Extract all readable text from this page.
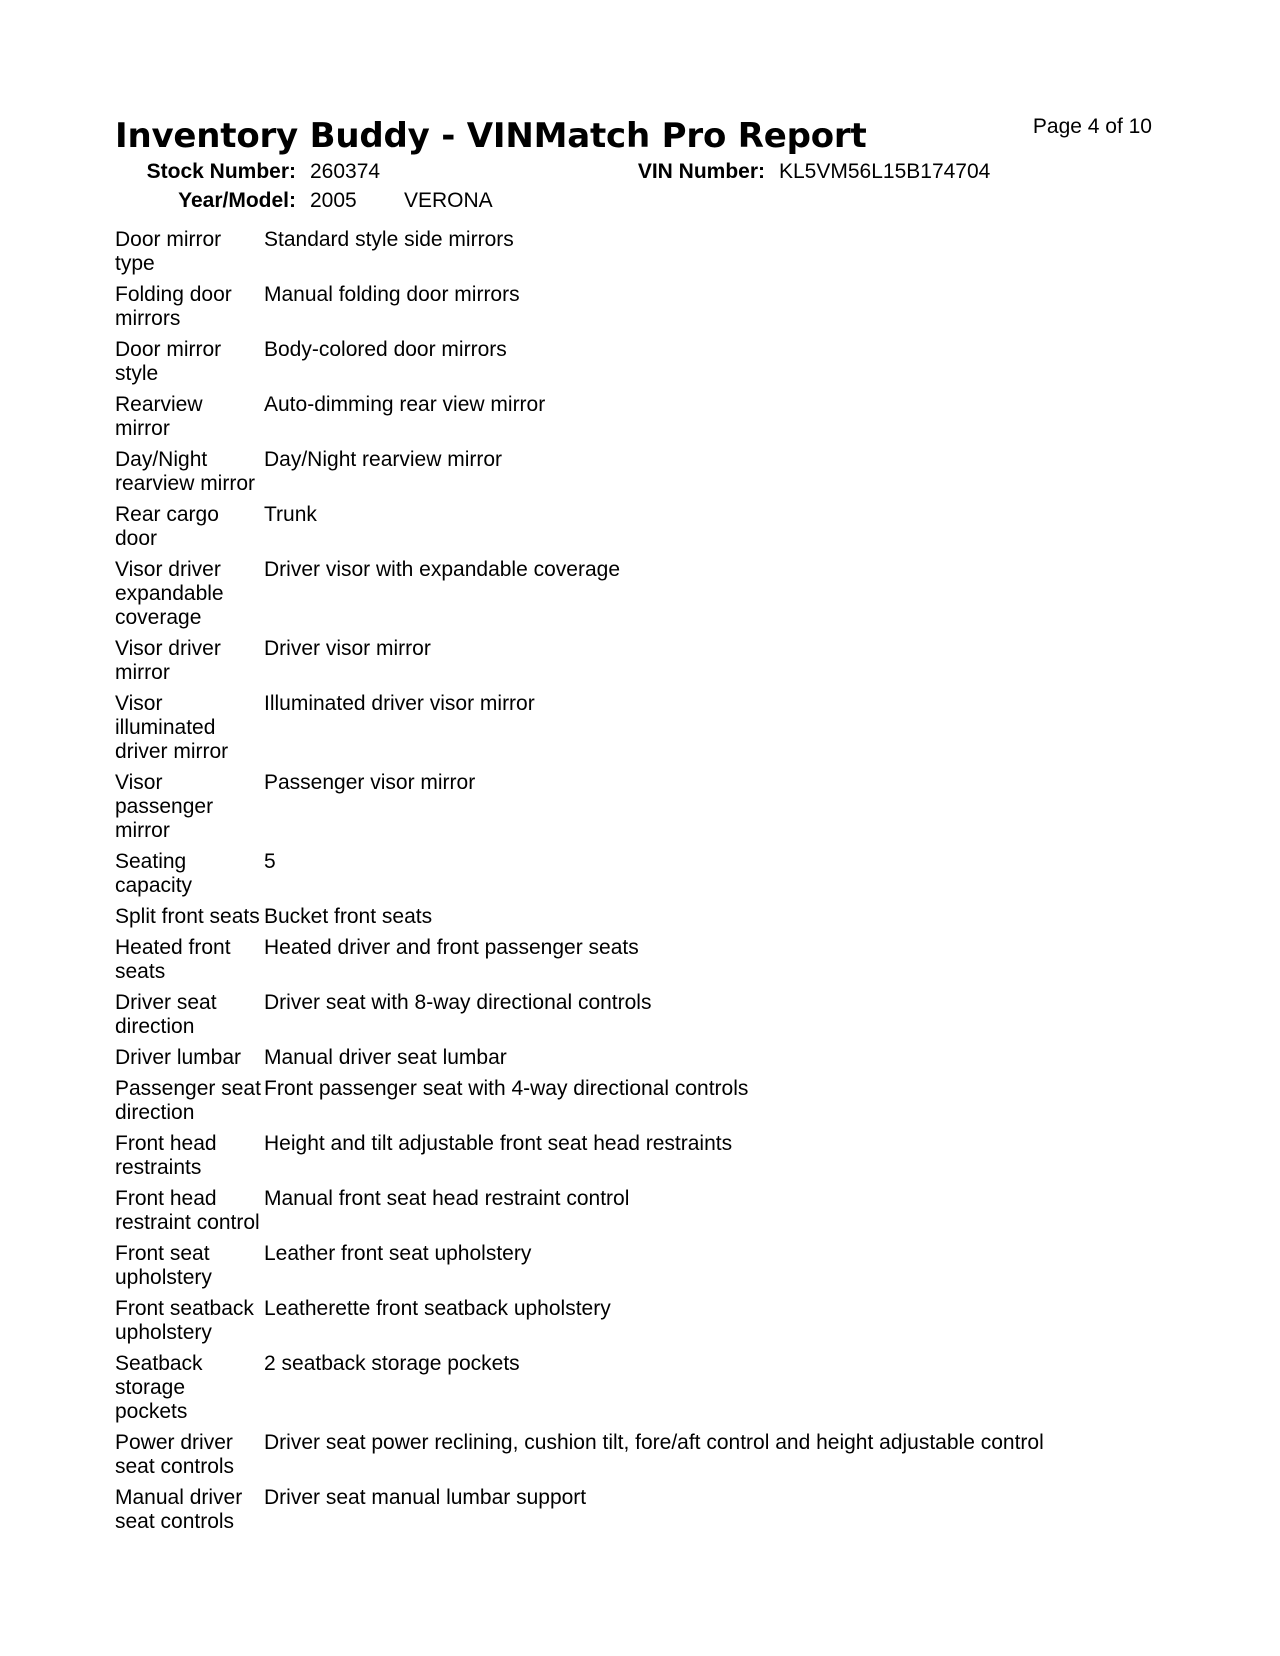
Inventory Buddy - VINMatch Pro Report	Page 4 of 10
Stock Number: 260374
Year/Model: 2005 VERONA
VIN Number: KL5VM56L15B174704
Door mirror
type
Standard style side mirrors
Folding door
mirrors
Manual folding door mirrors
Door mirror
style
Body-colored door mirrors
Rearview
mirror
Auto-dimming rear view mirror
Day/Night
rearview mirror
Day/Night rearview mirror
Rear cargo
door
Trunk
Visor driver
expandable
coverage
Driver visor with expandable coverage
Visor driver
mirror
Driver visor mirror
Visor
illuminated
driver mirror
Illuminated driver visor mirror
Visor
passenger
mirror
Passenger visor mirror
Seating
capacity
5
Split front seats Bucket front seats
Heated front
seats
Heated driver and front passenger seats
Driver seat
direction
Driver seat with 8-way directional controls
Driver lumbar	Manual driver seat lumbar
Passenger seat
direction
Front passenger seat with 4-way directional controls
Front head
restraints
Height and tilt adjustable front seat head restraints
Front head
restraint control
Manual front seat head restraint control
Front seat
upholstery
Leather front seat upholstery
Front seatback
upholstery
Leatherette front seatback upholstery
Seatback
storage
pockets
2 seatback storage pockets
Power driver
seat controls
Driver seat power reclining, cushion tilt, fore/aft control and height adjustable control
Manual driver
seat controls
Driver seat manual lumbar support
